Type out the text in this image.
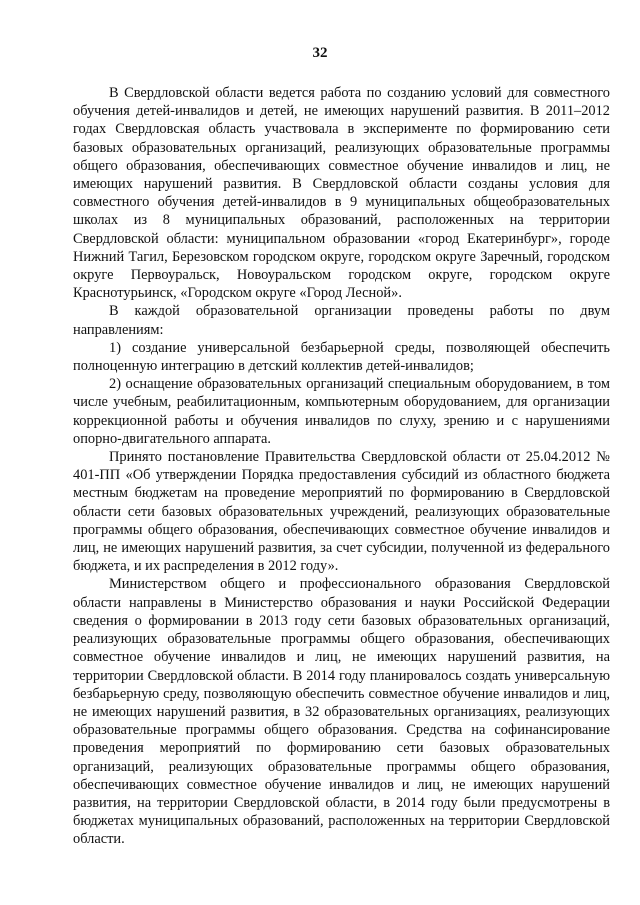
32

В Свердловской области ведется работа по созданию условий для совместного обучения детей-инвалидов и детей, не имеющих нарушений развития. В 2011–2012 годах Свердловская область участвовала в эксперименте по формированию сети базовых образовательных организаций, реализующих образовательные программы общего образования, обеспечивающих совместное обучение инвалидов и лиц, не имеющих нарушений развития. В Свердловской области созданы условия для совместного обучения детей-инвалидов в 9 муниципальных общеобразовательных школах из 8 муниципальных образований, расположенных на территории Свердловской области: муниципальном образовании «город Екатеринбург», городе Нижний Тагил, Березовском городском округе, городском округе Заречный, городском округе Первоуральск, Новоуральском городском округе, городском округе Краснотурьинск, «Городском округе «Город Лесной».

В каждой образовательной организации проведены работы по двум направлениям:

1) создание универсальной безбарьерной среды, позволяющей обеспечить полноценную интеграцию в детский коллектив детей-инвалидов;

2) оснащение образовательных организаций специальным оборудованием, в том числе учебным, реабилитационным, компьютерным оборудованием, для организации коррекционной работы и обучения инвалидов по слуху, зрению и с нарушениями опорно-двигательного аппарата.

Принято постановление Правительства Свердловской области от 25.04.2012 № 401-ПП «Об утверждении Порядка предоставления субсидий из областного бюджета местным бюджетам на проведение мероприятий по формированию в Свердловской области сети базовых образовательных учреждений, реализующих образовательные программы общего образования, обеспечивающих совместное обучение инвалидов и лиц, не имеющих нарушений развития, за счет субсидии, полученной из федерального бюджета, и их распределения в 2012 году».

Министерством общего и профессионального образования Свердловской области направлены в Министерство образования и науки Российской Федерации сведения о формировании в 2013 году сети базовых образовательных организаций, реализующих образовательные программы общего образования, обеспечивающих совместное обучение инвалидов и лиц, не имеющих нарушений развития, на территории Свердловской области. В 2014 году планировалось создать универсальную безбарьерную среду, позволяющую обеспечить совместное обучение инвалидов и лиц, не имеющих нарушений развития, в 32 образовательных организациях, реализующих образовательные программы общего образования. Средства на софинансирование проведения мероприятий по формированию сети базовых образовательных организаций, реализующих образовательные программы общего образования, обеспечивающих совместное обучение инвалидов и лиц, не имеющих нарушений развития, на территории Свердловской области, в 2014 году были предусмотрены в бюджетах муниципальных образований, расположенных на территории Свердловской области.
